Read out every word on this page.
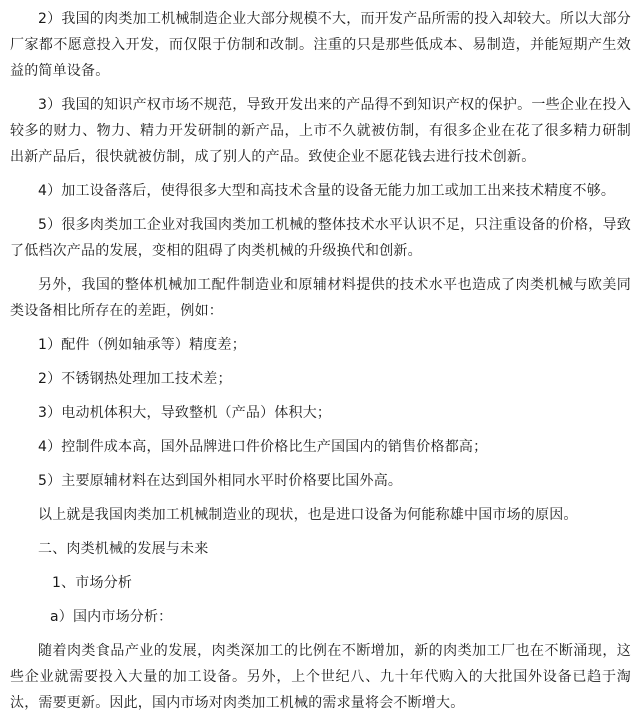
2）我国的肉类加工机械制造企业大部分规模不大，而开发产品所需的投入却较大。所以大部分厂家都不愿意投入开发，而仅限于仿制和改制。注重的只是那些低成本、易制造，并能短期产生效益的简单设备。

3）我国的知识产权市场不规范，导致开发出来的产品得不到知识产权的保护。一些企业在投入较多的财力、物力、精力开发研制的新产品，上市不久就被仿制，有很多企业在花了很多精力研制出新产品后，很快就被仿制，成了别人的产品。致使企业不愿花钱去进行技术创新。

4）加工设备落后，使得很多大型和高技术含量的设备无能力加工或加工出来技术精度不够。

5）很多肉类加工企业对我国肉类加工机械的整体技术水平认识不足，只注重设备的价格，导致了低档次产品的发展，变相的阻碍了肉类机械的升级换代和创新。

另外，我国的整体机械加工配件制造业和原辅材料提供的技术水平也造成了肉类机械与欧美同类设备相比所存在的差距，例如：

1）配件（例如轴承等）精度差；

2）不锈钢热处理加工技术差；

3）电动机体积大，导致整机（产品）体积大；

4）控制件成本高，国外品牌进口件价格比生产国国内的销售价格都高；

5）主要原辅材料在达到国外相同水平时价格要比国外高。

以上就是我国肉类加工机械制造业的现状，也是进口设备为何能称雄中国市场的原因。

二、肉类机械的发展与未来

1、市场分析

a）国内市场分析：

随着肉类食品产业的发展，肉类深加工的比例在不断增加，新的肉类加工厂也在不断涌现，这些企业就需要投入大量的加工设备。另外，上个世纪八、九十年代购入的大批国外设备已趋于淘汰，需要更新。因此，国内市场对肉类加工机械的需求量将会不断增大。
